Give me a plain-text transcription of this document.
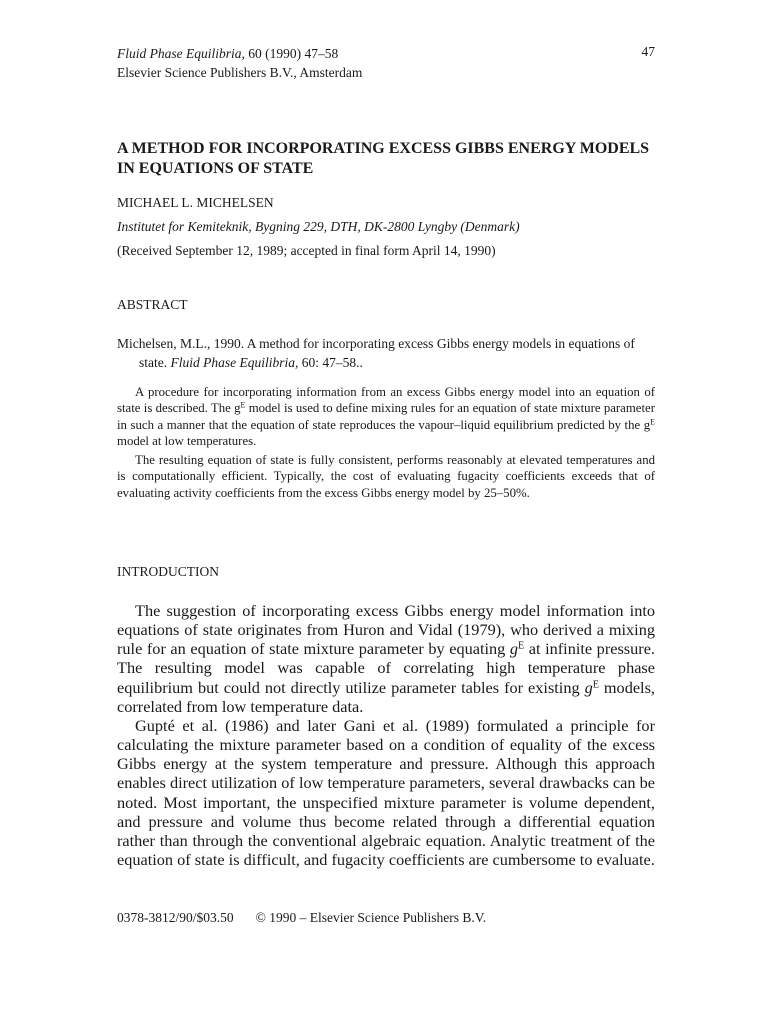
Fluid Phase Equilibria, 60 (1990) 47–58
Elsevier Science Publishers B.V., Amsterdam
47
A METHOD FOR INCORPORATING EXCESS GIBBS ENERGY MODELS IN EQUATIONS OF STATE
MICHAEL L. MICHELSEN
Institutet for Kemiteknik, Bygning 229, DTH, DK-2800 Lyngby (Denmark)
(Received September 12, 1989; accepted in final form April 14, 1990)
ABSTRACT
Michelsen, M.L., 1990. A method for incorporating excess Gibbs energy models in equations of state. Fluid Phase Equilibria, 60: 47–58..
A procedure for incorporating information from an excess Gibbs energy model into an equation of state is described. The $g^E$ model is used to define mixing rules for an equation of state mixture parameter in such a manner that the equation of state reproduces the vapour–liquid equilibrium predicted by the $g^E$ model at low temperatures.
The resulting equation of state is fully consistent, performs reasonably at elevated temperatures and is computationally efficient. Typically, the cost of evaluating fugacity coefficients exceeds that of evaluating activity coefficients from the excess Gibbs energy model by 25–50%.
INTRODUCTION
The suggestion of incorporating excess Gibbs energy model information into equations of state originates from Huron and Vidal (1979), who derived a mixing rule for an equation of state mixture parameter by equating $g^E$ at infinite pressure. The resulting model was capable of correlating high temperature phase equilibrium but could not directly utilize parameter tables for existing $g^E$ models, correlated from low temperature data.
Gupté et al. (1986) and later Gani et al. (1989) formulated a principle for calculating the mixture parameter based on a condition of equality of the excess Gibbs energy at the system temperature and pressure. Although this approach enables direct utilization of low temperature parameters, several drawbacks can be noted. Most important, the unspecified mixture parameter is volume dependent, and pressure and volume thus become related through a differential equation rather than through the conventional algebraic equation. Analytic treatment of the equation of state is difficult, and fugacity coefficients are cumbersome to evaluate.
0378-3812/90/$03.50 © 1990 – Elsevier Science Publishers B.V.
